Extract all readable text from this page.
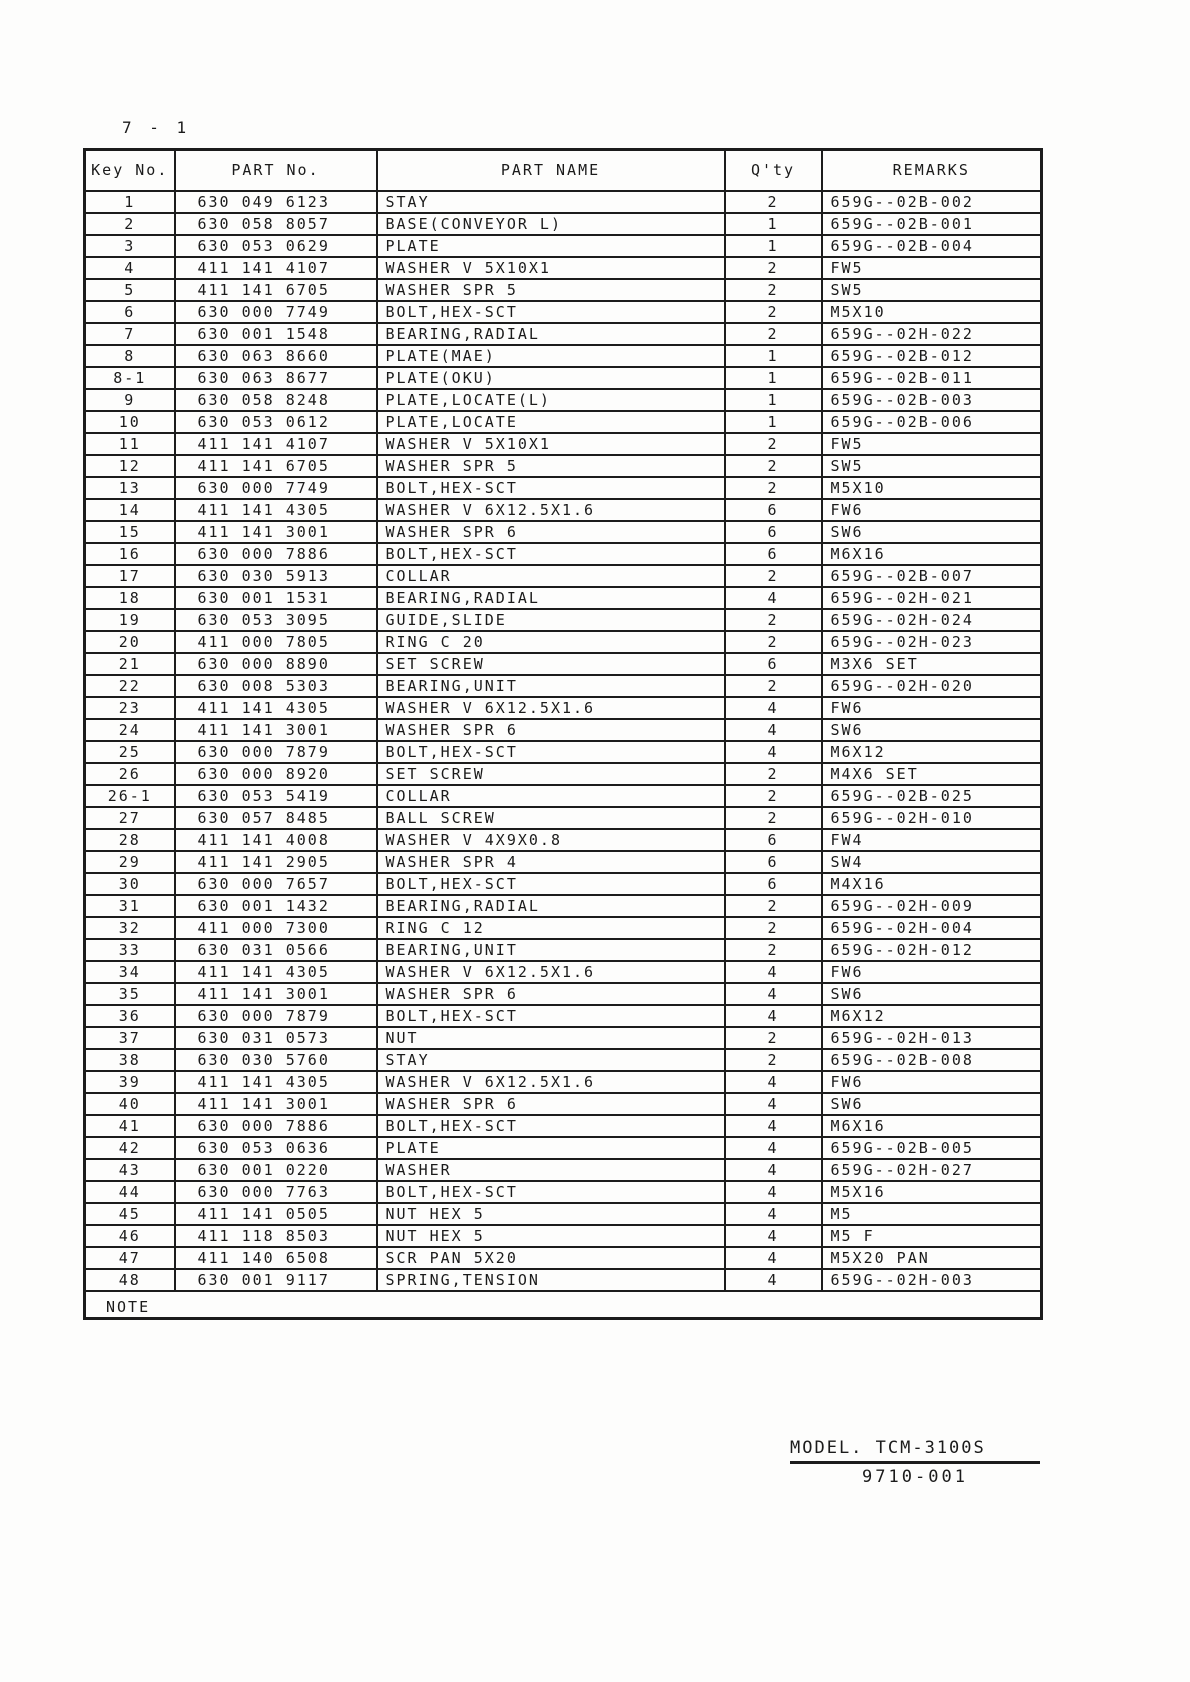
7 - 1
Key No.	PART No.	PART NAME	Q'ty	REMARKS
1	630 049 6123	STAY	2	659G--02B-002
2	630 058 8057	BASE(CONVEYOR L)	1	659G--02B-001
3	630 053 0629	PLATE	1	659G--02B-004
4	411 141 4107	WASHER V 5X10X1	2	FW5
5	411 141 6705	WASHER SPR 5	2	SW5
6	630 000 7749	BOLT,HEX-SCT	2	M5X10
7	630 001 1548	BEARING,RADIAL	2	659G--02H-022
8	630 063 8660	PLATE(MAE)	1	659G--02B-012
8-1	630 063 8677	PLATE(OKU)	1	659G--02B-011
9	630 058 8248	PLATE,LOCATE(L)	1	659G--02B-003
10	630 053 0612	PLATE,LOCATE	1	659G--02B-006
11	411 141 4107	WASHER V 5X10X1	2	FW5
12	411 141 6705	WASHER SPR 5	2	SW5
13	630 000 7749	BOLT,HEX-SCT	2	M5X10
14	411 141 4305	WASHER V 6X12.5X1.6	6	FW6
15	411 141 3001	WASHER SPR 6	6	SW6
16	630 000 7886	BOLT,HEX-SCT	6	M6X16
17	630 030 5913	COLLAR	2	659G--02B-007
18	630 001 1531	BEARING,RADIAL	4	659G--02H-021
19	630 053 3095	GUIDE,SLIDE	2	659G--02H-024
20	411 000 7805	RING C 20	2	659G--02H-023
21	630 000 8890	SET SCREW	6	M3X6 SET
22	630 008 5303	BEARING,UNIT	2	659G--02H-020
23	411 141 4305	WASHER V 6X12.5X1.6	4	FW6
24	411 141 3001	WASHER SPR 6	4	SW6
25	630 000 7879	BOLT,HEX-SCT	4	M6X12
26	630 000 8920	SET SCREW	2	M4X6 SET
26-1	630 053 5419	COLLAR	2	659G--02B-025
27	630 057 8485	BALL SCREW	2	659G--02H-010
28	411 141 4008	WASHER V 4X9X0.8	6	FW4
29	411 141 2905	WASHER SPR 4	6	SW4
30	630 000 7657	BOLT,HEX-SCT	6	M4X16
31	630 001 1432	BEARING,RADIAL	2	659G--02H-009
32	411 000 7300	RING C 12	2	659G--02H-004
33	630 031 0566	BEARING,UNIT	2	659G--02H-012
34	411 141 4305	WASHER V 6X12.5X1.6	4	FW6
35	411 141 3001	WASHER SPR 6	4	SW6
36	630 000 7879	BOLT,HEX-SCT	4	M6X12
37	630 031 0573	NUT	2	659G--02H-013
38	630 030 5760	STAY	2	659G--02B-008
39	411 141 4305	WASHER V 6X12.5X1.6	4	FW6
40	411 141 3001	WASHER SPR 6	4	SW6
41	630 000 7886	BOLT,HEX-SCT	4	M6X16
42	630 053 0636	PLATE	4	659G--02B-005
43	630 001 0220	WASHER	4	659G--02H-027
44	630 000 7763	BOLT,HEX-SCT	4	M5X16
45	411 141 0505	NUT HEX 5	4	M5
46	411 118 8503	NUT HEX 5	4	M5 F
47	411 140 6508	SCR PAN 5X20	4	M5X20 PAN
48	630 001 9117	SPRING,TENSION	4	659G--02H-003
NOTE				
MODEL. TCM-3100S
9710-001
